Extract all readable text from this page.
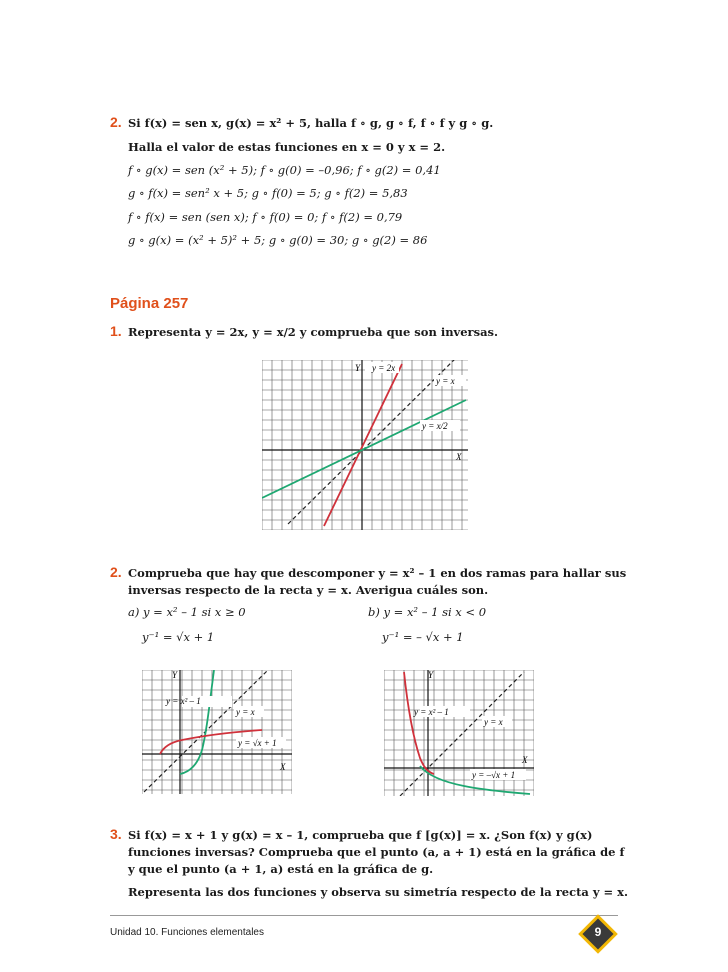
2. Si f(x) = sen x, g(x) = x² + 5, halla f ∘ g, g ∘ f, f ∘ f y g ∘ g.
Halla el valor de estas funciones en x = 0 y x = 2.
f ∘ g(x) = sen (x² + 5); f ∘ g(0) = –0,96; f ∘ g(2) = 0,41
g ∘ f(x) = sen² x + 5; g ∘ f(0) = 5; g ∘ f(2) = 5,83
f ∘ f(x) = sen (sen x); f ∘ f(0) = 0; f ∘ f(2) = 0,79
g ∘ g(x) = (x² + 5)² + 5; g ∘ g(0) = 30; g ∘ g(2) = 86
Página 257
1. Representa y = 2x, y = x/2 y comprueba que son inversas.
Y y = 2x
y = x
y = x/2
X
2. Comprueba que hay que descomponer y = x² – 1 en dos ramas para hallar sus
inversas respecto de la recta y = x. Averigua cuáles son.
a) y = x² – 1 si x ≥ 0	b) y = x² – 1 si x < 0
y⁻¹ = √x + 1	y⁻¹ = – √x + 1
Y
y = x² – 1
y = x
y = √x + 1
X
Y
y = x² – 1
y = x
X
y = –√x + 1
3. Si f(x) = x + 1 y g(x) = x – 1, comprueba que f [g(x)] = x. ¿Son f(x) y g(x)
funciones inversas? Comprueba que el punto (a, a + 1) está en la gráfica de f
y que el punto (a + 1, a) está en la gráfica de g.
Representa las dos funciones y observa su simetría respecto de la recta y = x.
Unidad 10. Funciones elementales	9
